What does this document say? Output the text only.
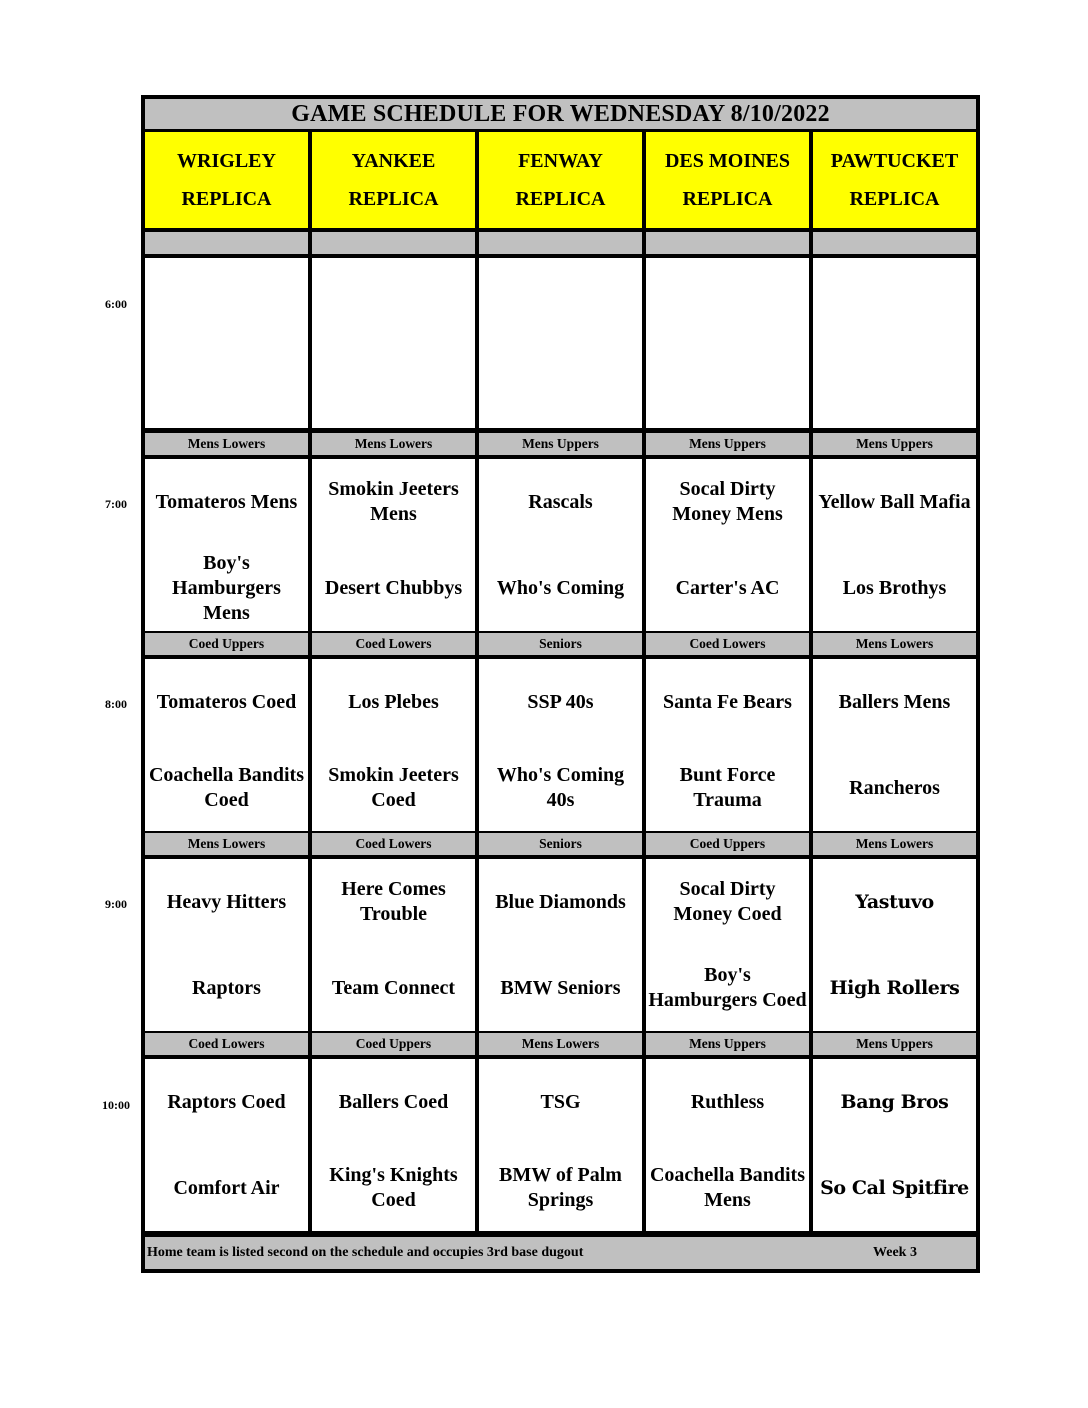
6:00
7:00
8:00
9:00
10:00
GAME SCHEDULE FOR WEDNESDAY 8/10/2022
WRIGLEY
REPLICA
YANKEE
REPLICA
FENWAY
REPLICA
DES MOINES
REPLICA
PAWTUCKET
REPLICA
Mens Lowers
Tomateros Mens
Boy's Hamburgers Mens
Mens Lowers
Smokin Jeeters Mens
Desert Chubbys
Mens Uppers
Rascals
Who's Coming
Mens Uppers
Socal Dirty Money Mens
Carter's AC
Mens Uppers
Yellow Ball Mafia
Los Brothys
Coed Uppers
Tomateros Coed
Coachella Bandits Coed
Coed Lowers
Los Plebes
Smokin Jeeters Coed
Seniors
SSP 40s
Who's Coming 40s
Coed Lowers
Santa Fe Bears
Bunt Force Trauma
Mens Lowers
Ballers Mens
Rancheros
Mens Lowers
Heavy Hitters
Raptors
Coed Lowers
Here Comes Trouble
Team Connect
Seniors
Blue Diamonds
BMW Seniors
Coed Uppers
Socal Dirty Money Coed
Boy's Hamburgers Coed
Mens Lowers
Yastuvo
High Rollers
Coed Lowers
Raptors Coed
Comfort Air
Coed Uppers
Ballers Coed
King's Knights Coed
Mens Lowers
TSG
BMW of Palm Springs
Mens Uppers
Ruthless
Coachella Bandits Mens
Mens Uppers
Bang Bros
So Cal Spitfire
Home team is listed second on the schedule and occupies 3rd base dugout	Week 3
